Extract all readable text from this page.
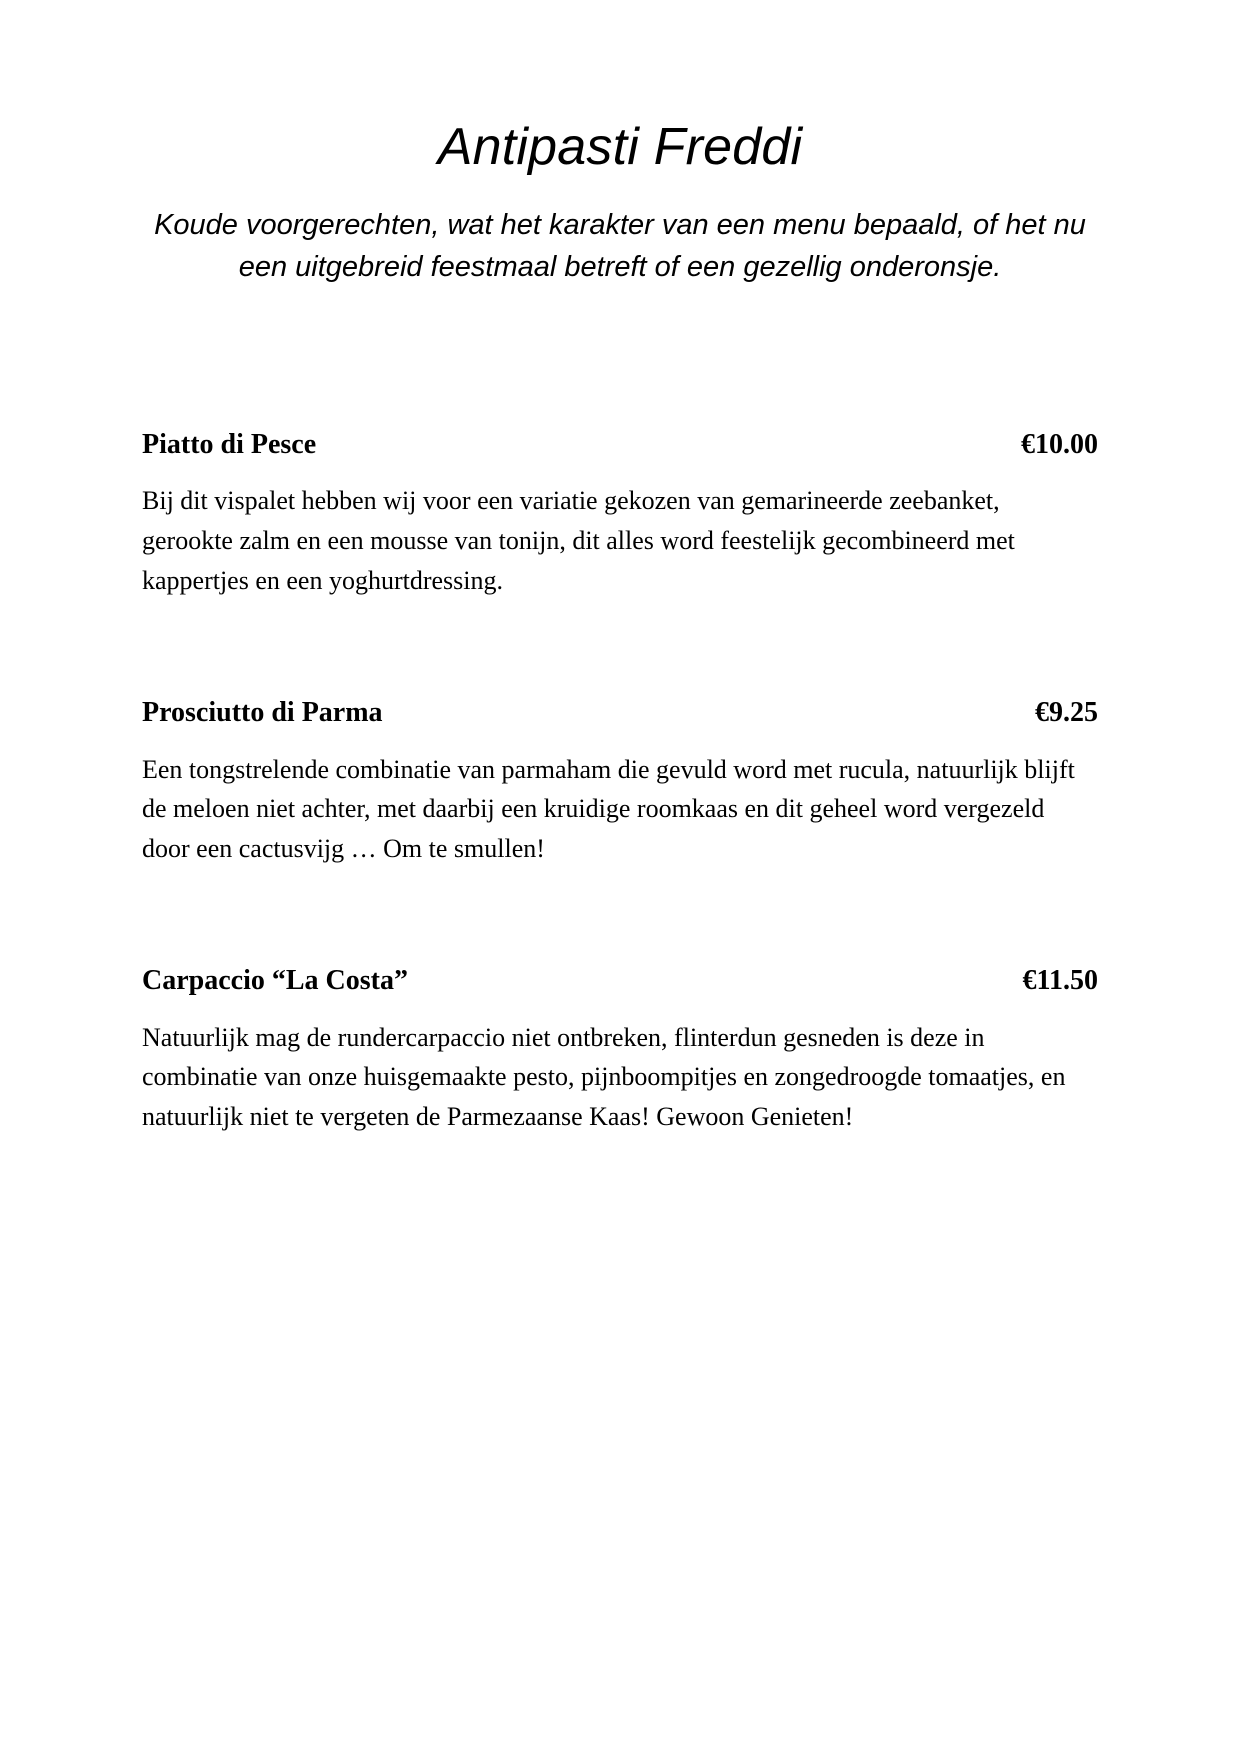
Antipasti Freddi

Koude voorgerechten, wat het karakter van een menu bepaald, of het nu een uitgebreid feestmaal betreft of een gezellig onderonsje.

Piatto di Pesce	€10.00
Bij dit vispalet hebben wij voor een variatie gekozen van gemarineerde zeebanket, gerookte zalm en een mousse van tonijn, dit alles word feestelijk gecombineerd met kappertjes en een yoghurtdressing.
Prosciutto di Parma	€9.25
Een tongstrelende combinatie van parmaham die gevuld word met rucula, natuurlijk blijft de meloen niet achter, met daarbij een kruidige roomkaas en dit geheel word vergezeld door een cactusvijg … Om te smullen!
Carpaccio “La Costa”	€11.50
Natuurlijk mag de rundercarpaccio niet ontbreken, flinterdun gesneden is deze in combinatie van onze huisgemaakte pesto, pijnboompitjes en zongedroogde tomaatjes, en natuurlijk niet te vergeten de Parmezaanse Kaas! Gewoon Genieten!
